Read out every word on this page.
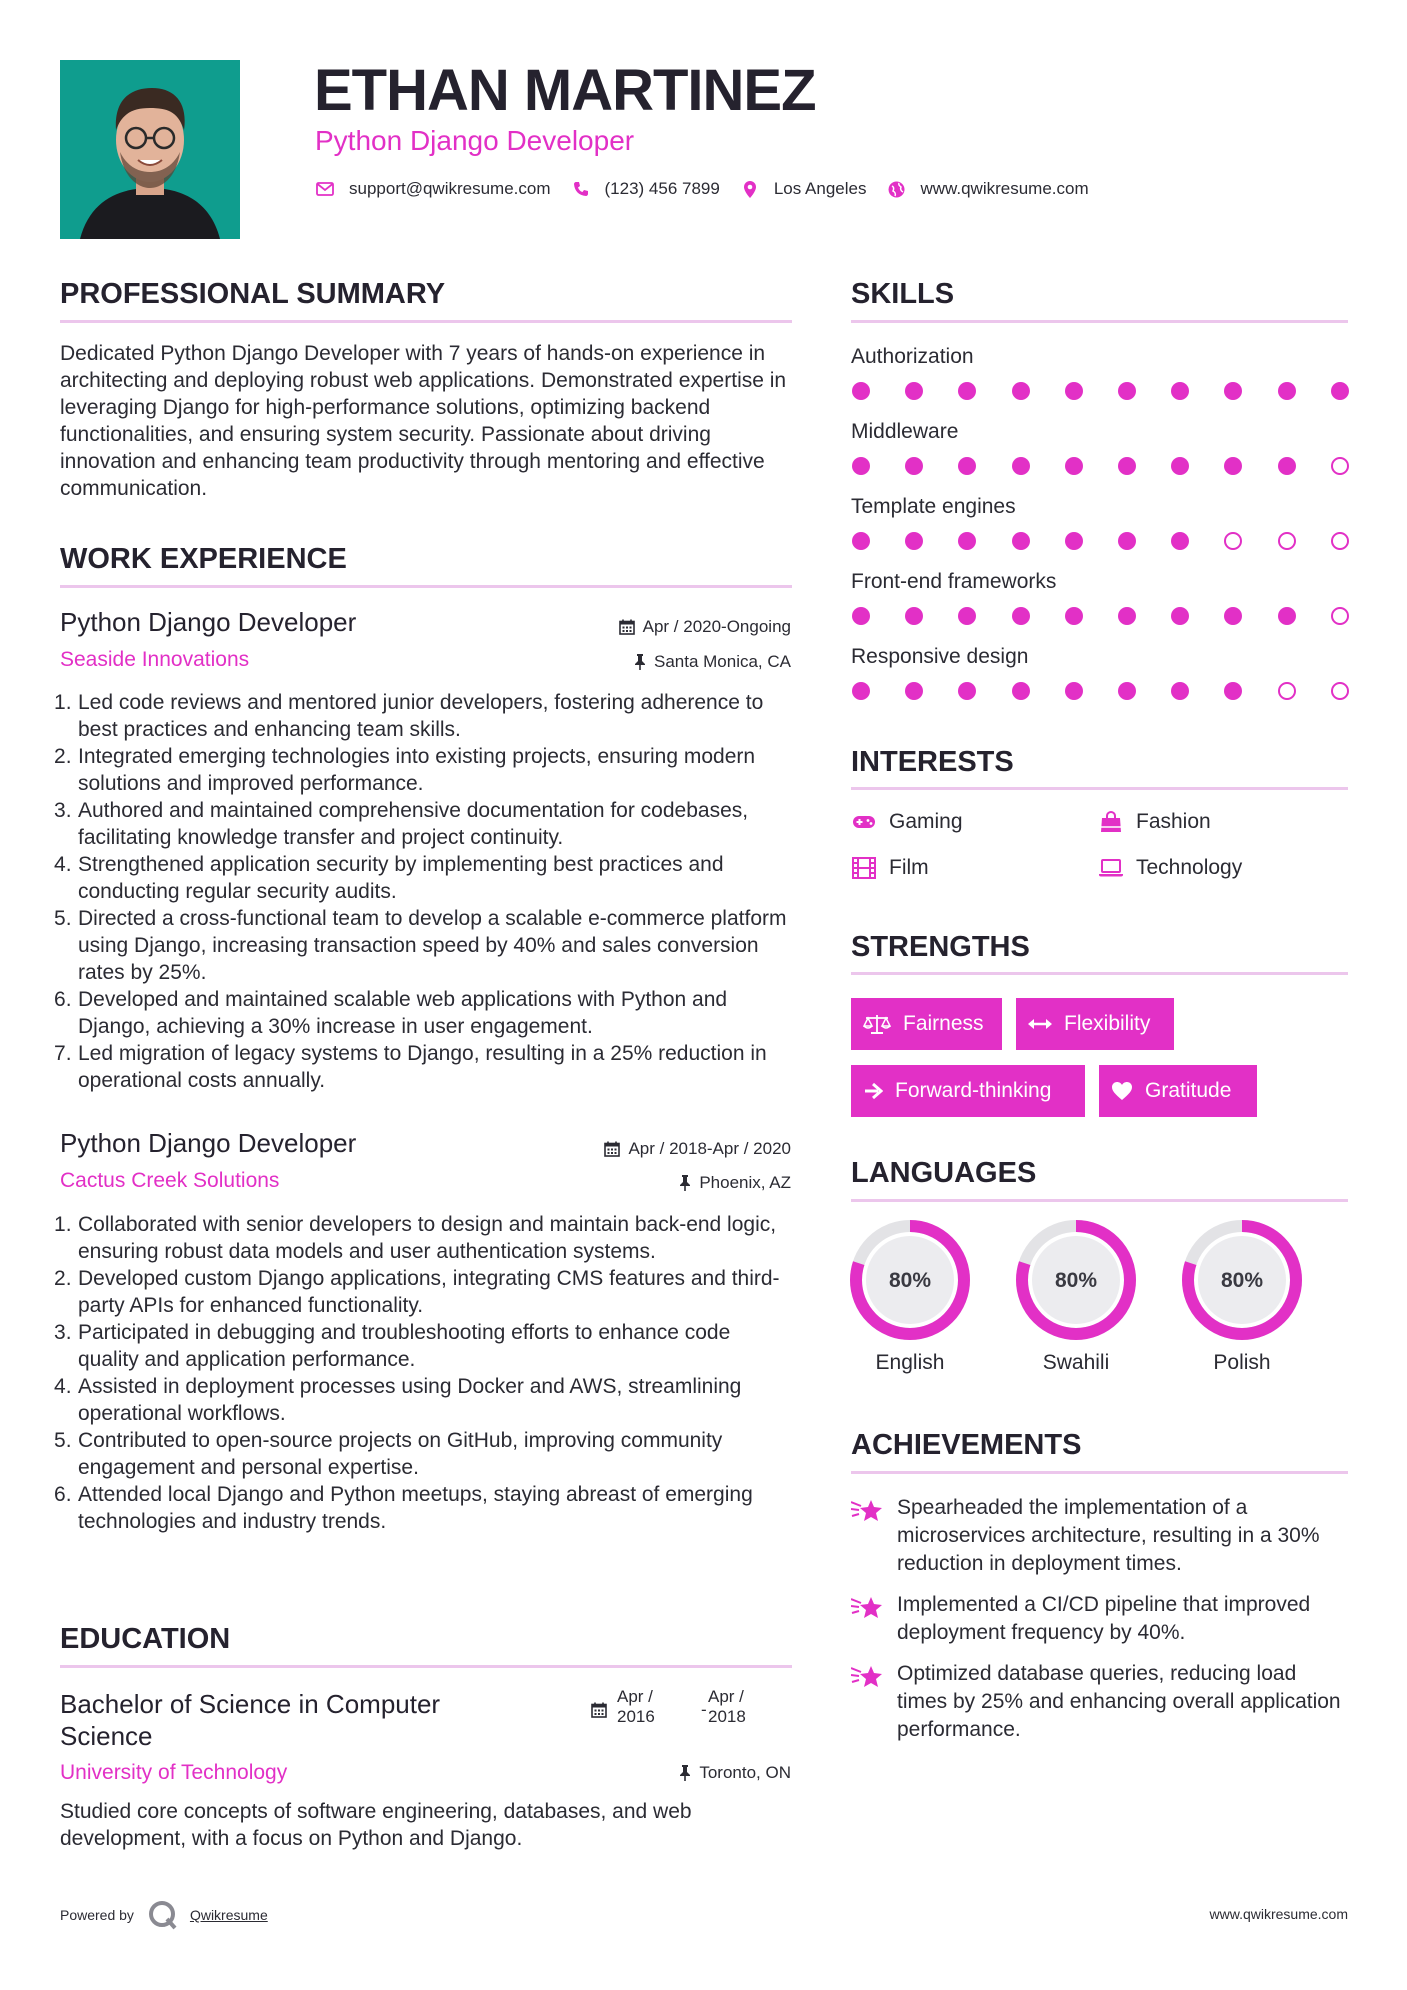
ETHAN MARTINEZ
Python Django Developer
support@qwikresume.com	(123) 456 7899	Los Angeles	www.qwikresume.com
PROFESSIONAL SUMMARY
Dedicated Python Django Developer with 7 years of hands-on experience in architecting and deploying robust web applications. Demonstrated expertise in leveraging Django for high-performance solutions, optimizing backend functionalities, and ensuring system security. Passionate about driving innovation and enhancing team productivity through mentoring and effective communication.
WORK EXPERIENCE
Python Django Developer	Apr / 2020-Ongoing
Seaside Innovations	Santa Monica, CA
Led code reviews and mentored junior developers, fostering adherence to best practices and enhancing team skills.
Integrated emerging technologies into existing projects, ensuring modern solutions and improved performance.
Authored and maintained comprehensive documentation for codebases, facilitating knowledge transfer and project continuity.
Strengthened application security by implementing best practices and conducting regular security audits.
Directed a cross-functional team to develop a scalable e-commerce platform using Django, increasing transaction speed by 40% and sales conversion rates by 25%.
Developed and maintained scalable web applications with Python and Django, achieving a 30% increase in user engagement.
Led migration of legacy systems to Django, resulting in a 25% reduction in operational costs annually.
Python Django Developer	Apr / 2018-Apr / 2020
Cactus Creek Solutions	Phoenix, AZ
Collaborated with senior developers to design and maintain back-end logic, ensuring robust data models and user authentication systems.
Developed custom Django applications, integrating CMS features and third-party APIs for enhanced functionality.
Participated in debugging and troubleshooting efforts to enhance code quality and application performance.
Assisted in deployment processes using Docker and AWS, streamlining operational workflows.
Contributed to open-source projects on GitHub, improving community engagement and personal expertise.
Attended local Django and Python meetups, staying abreast of emerging technologies and industry trends.
EDUCATION
Bachelor of Science in Computer
Science
Apr /
2016	-
Apr /
2018
University of Technology	Toronto, ON
Studied core concepts of software engineering, databases, and web development, with a focus on Python and Django.
SKILLS
Authorization
Middleware
Template engines
Front-end frameworks
Responsive design
INTERESTS
Gaming	Fashion
Film	Technology
STRENGTHS
Fairness	Flexibility
Forward-thinking	Gratitude
LANGUAGES
80%
English
80%
Swahili
80%
Polish
ACHIEVEMENTS
Spearheaded the implementation of a microservices architecture, resulting in a 30% reduction in deployment times.
Implemented a CI/CD pipeline that improved deployment frequency by 40%.
Optimized database queries, reducing load times by 25% and enhancing overall application performance.
Powered by	Qwikresume	www.qwikresume.com
